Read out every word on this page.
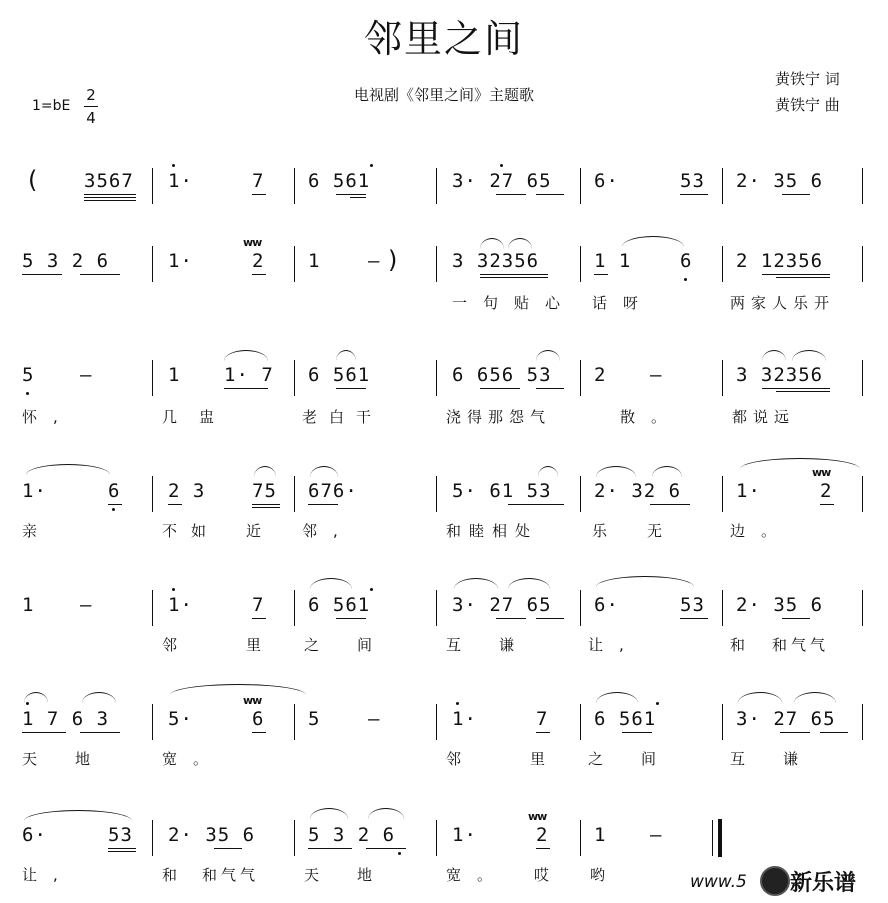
邻里之间
电视剧《邻里之间》主题歌
黄铁宁 词
黄铁宁 曲
1=bE
2
4
( 3567 1·	7 6 561	3· 27 65 6·	53 2· 35 6
5 3 2 6	1·	2
ww
1	– )	3 32356	1 1	6 2 12356
一句贴心 话呀	两家人乐开
5 –	1 1· 7 6 561	6 656 53 2 –	3 32356
怀,	几盅	老白干	浇得那怨气	散。	都说远
1·	6	2 3 75 676·	5· 61 53 2· 32 6	1·	2
ww
亲	不如 近 邻,	和睦相处	乐无 边。
1 –	1·	7 6 561	3· 27 65 6·	53 2· 35 6
邻	里 之间 互谦 让,	和 和气气
1 7 6 3	5·	6
ww
5	–	1·	7 6 561	3· 27 65
天地 宽。	邻	里 之间 互谦
6·	53 2· 35 6	5 3 2 6	1·	2
ww
1 –
让,	和 和气气	天地 宽。 哎 哟	www.5 新乐谱
